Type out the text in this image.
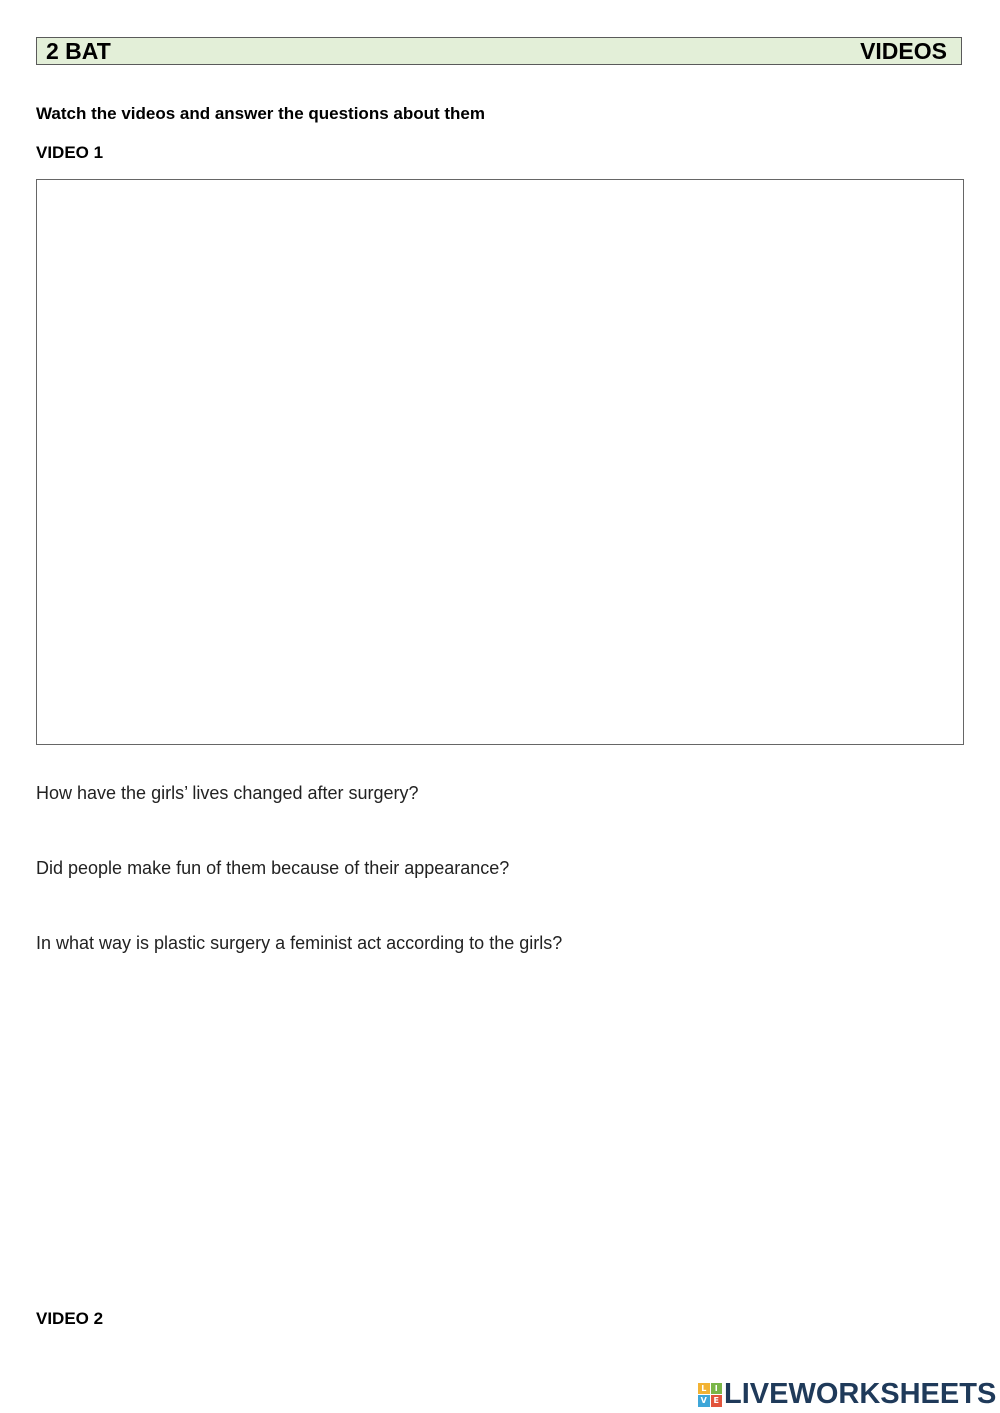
2 BAT	VIDEOS
Watch the videos and answer the questions about them
VIDEO 1
How have the girls’ lives changed after surgery?
Did people make fun of them because of their appearance?
In what way is plastic surgery a feminist act according to the girls?
VIDEO 2
L	I
V E LIVEWORKSHEETS
